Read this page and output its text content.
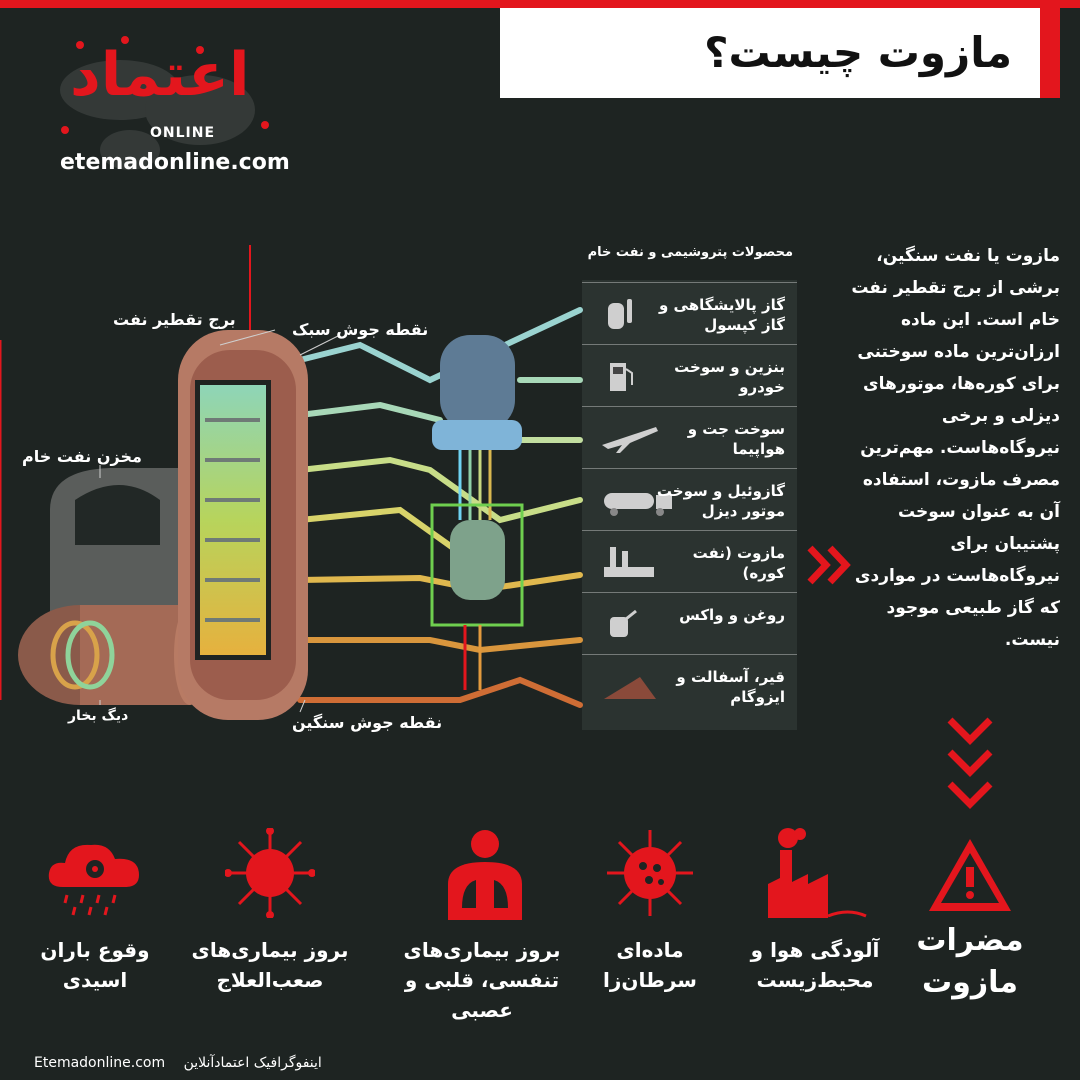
مازوت چیست؟
اعتماد
ONLINE
etemadonline.com
برج تقطیر نفت
مخزن نفت خام
دیگ بخار
نقطه جوش سبک
نقطه جوش سنگین
محصولات پتروشیمی و نفت خام
گاز پالایشگاهی و گاز کپسول
بنزین و سوخت خودرو
سوخت جت و هواپیما
گازوئیل و سوخت موتور دیزل
مازوت (نفت کوره)
روغن و واکس
قیر، آسفالت و ایزوگام
مازوت یا نفت سنگین، برشی از برج تقطیر نفت خام است. این ماده ارزان‌ترین ماده سوختنی برای کوره‌ها، موتورهای دیزلی و برخی نیروگاه‌هاست. مهم‌ترین مصرف مازوت، استفاده آن به عنوان سوخت پشتیبان برای نیروگاه‌هاست در مواردی که گاز طبیعی موجود نیست.
مضرات مازوت
آلودگی هوا و محیط‌زیست
ماده‌ای سرطان‌زا
بروز بیماری‌های تنفسی، قلبی و عصبی
بروز بیماری‌های صعب‌العلاج
وقوع باران اسیدی
اینفوگرافیک اعتمادآنلاین Etemadonline.com
